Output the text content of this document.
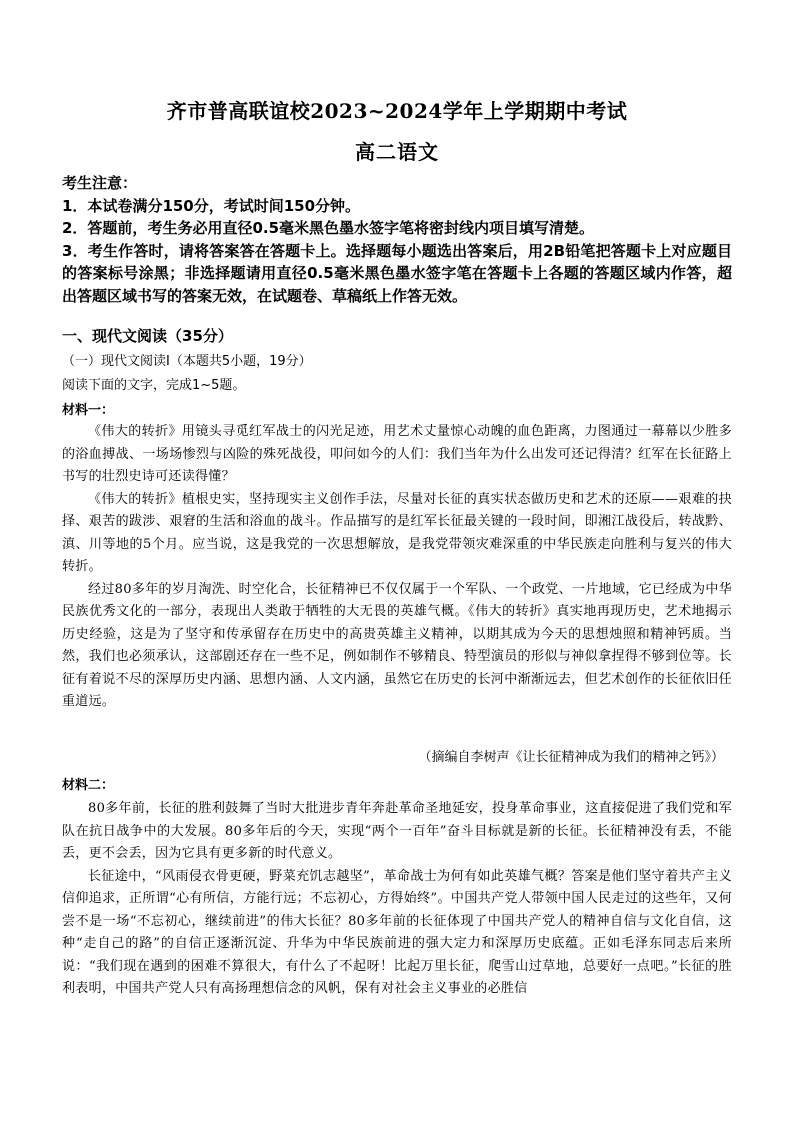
齐市普高联谊校2023~2024学年上学期期中考试
高二语文

考生注意：

1．本试卷满分150分，考试时间150分钟。

2．答题前，考生务必用直径0.5毫米黑色墨水签字笔将密封线内项目填写清楚。

3．考生作答时，请将答案答在答题卡上。选择题每小题选出答案后，用2B铅笔把答题卡上对应题目的答案标号涂黑；非选择题请用直径0.5毫米黑色墨水签字笔在答题卡上各题的答题区域内作答，超出答题区域书写的答案无效，在试题卷、草稿纸上作答无效。

一、现代文阅读（35分）
（一）现代文阅读Ⅰ（本题共5小题，19分）
阅读下面的文字，完成1~5题。
材料一：

《伟大的转折》用镜头寻觅红军战士的闪光足迹，用艺术丈量惊心动魄的血色距离，力图通过一幕幕以少胜多的浴血搏战、一场场惨烈与凶险的殊死战役，叩问如今的人们：我们当年为什么出发可还记得清？红军在长征路上书写的壮烈史诗可还读得懂？

《伟大的转折》植根史实，坚持现实主义创作手法，尽量对长征的真实状态做历史和艺术的还原——艰难的抉择、艰苦的跋涉、艰窘的生活和浴血的战斗。作品描写的是红军长征最关键的一段时间，即湘江战役后，转战黔、滇、川等地的5个月。应当说，这是我党的一次思想解放，是我党带领灾难深重的中华民族走向胜利与复兴的伟大转折。

经过80多年的岁月淘洗、时空化合，长征精神已不仅仅属于一个军队、一个政党、一片地域，它已经成为中华民族优秀文化的一部分，表现出人类敢于牺牲的大无畏的英雄气概。《伟大的转折》真实地再现历史，艺术地揭示历史经验，这是为了坚守和传承留存在历史中的高贵英雄主义精神，以期其成为今天的思想烛照和精神钙质。当然，我们也必须承认，这部剧还存在一些不足，例如制作不够精良、特型演员的形似与神似拿捏得不够到位等。长征有着说不尽的深厚历史内涵、思想内涵、人文内涵，虽然它在历史的长河中渐渐远去，但艺术创作的长征依旧任重道远。

（摘编自李树声《让长征精神成为我们的精神之钙》）
材料二：

80多年前，长征的胜利鼓舞了当时大批进步青年奔赴革命圣地延安，投身革命事业，这直接促进了我们党和军队在抗日战争中的大发展。80多年后的今天，实现“两个一百年”奋斗目标就是新的长征。长征精神没有丢，不能丢，更不会丢，因为它具有更多新的时代意义。

长征途中，“风雨侵衣骨更硬，野菜充饥志越坚”，革命战士为何有如此英雄气概？答案是他们坚守着共产主义信仰追求，正所谓“心有所信，方能行远；不忘初心，方得始终”。中国共产党人带领中国人民走过的这些年，又何尝不是一场“不忘初心，继续前进”的伟大长征？80多年前的长征体现了中国共产党人的精神自信与文化自信，这种“走自己的路”的自信正逐渐沉淀、升华为中华民族前进的强大定力和深厚历史底蕴。正如毛泽东同志后来所说：“我们现在遇到的困难不算很大，有什么了不起呀！比起万里长征，爬雪山过草地，总要好一点吧。”长征的胜利表明，中国共产党人只有高扬理想信念的风帆，保有对社会主义事业的必胜信
